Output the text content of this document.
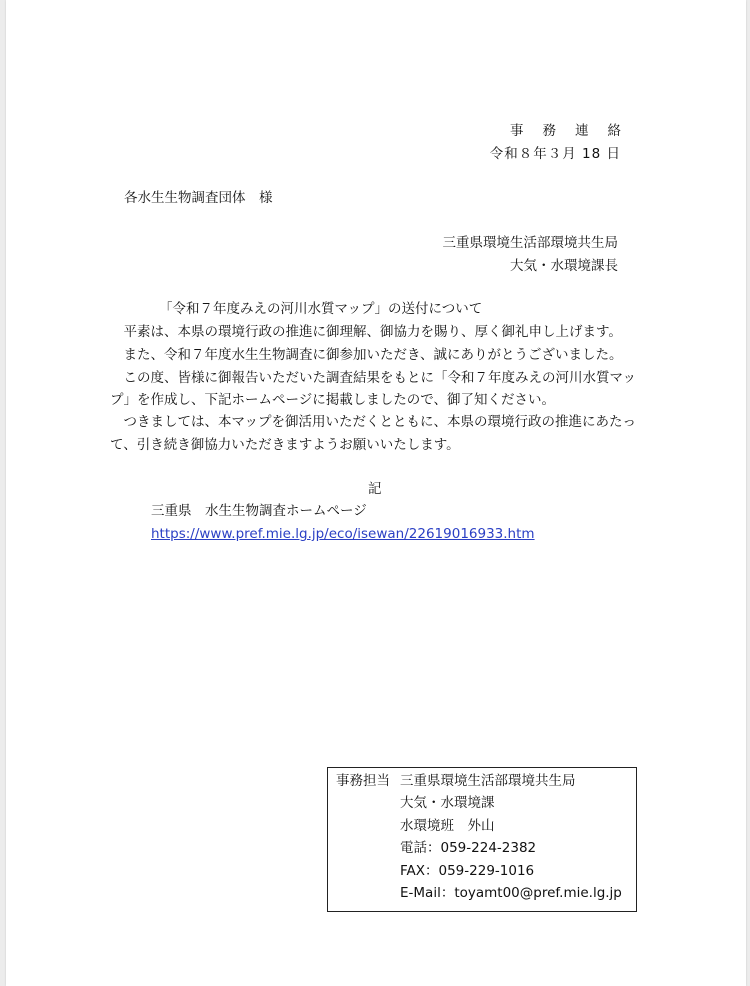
事務連絡
令和８年３月 18 日
各水生生物調査団体　様
三重県環境生活部環境共生局
大気・水環境課長
「令和７年度みえの河川水質マップ」の送付について
　平素は、本県の環境行政の推進に御理解、御協力を賜り、厚く御礼申し上げます。
　また、令和７年度水生生物調査に御参加いただき、誠にありがとうございました。
　この度、皆様に御報告いただいた調査結果をもとに「令和７年度みえの河川水質マッ
プ」を作成し、下記ホームページに掲載しましたので、御了知ください。
　つきましては、本マップを御活用いただくとともに、本県の環境行政の推進にあたっ
て、引き続き御協力いただきますようお願いいたします。
記
三重県　水生生物調査ホームページ
https://www.pref.mie.lg.jp/eco/isewan/22619016933.htm
事務担当 三重県環境生活部環境共生局
大気・水環境課
水環境班　外山
電話：059-224-2382
FAX：059-229-1016
E-Mail：toyamt00@pref.mie.lg.jp
